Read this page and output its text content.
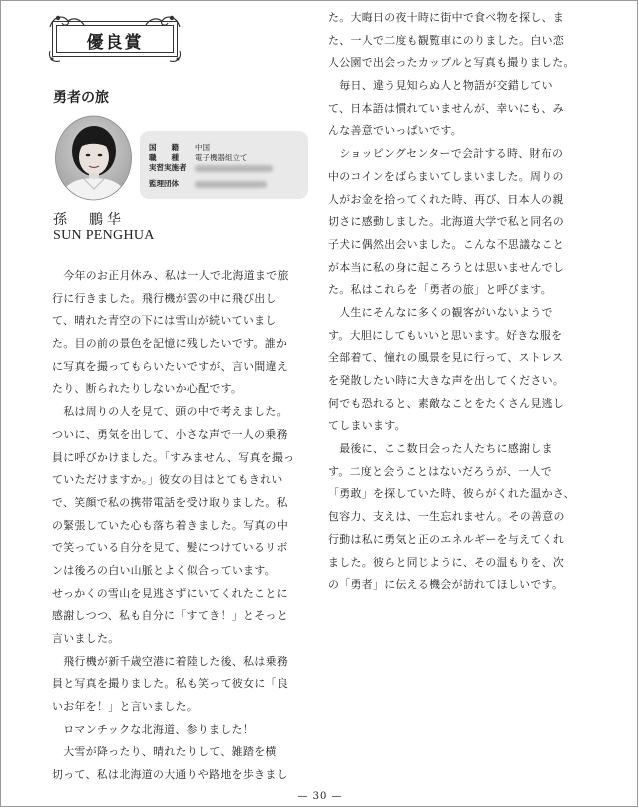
優良賞
勇者の旅
国　　籍 中国
職　　種 電子機器組立て
実習実施者
監理団体
孫　鵬华
SUN PENGHUA
　今年のお正月休み、私は一人で北海道まで旅
行に行きました。飛行機が雲の中に飛び出し
て、晴れた青空の下には雪山が続いていまし
た。目の前の景色を記憶に残したいです。誰か
に写真を撮ってもらいたいですが、言い間違え
たり、断られたりしないか心配です。
　私は周りの人を見て、頭の中で考えました。
ついに、勇気を出して、小さな声で一人の乗務
員に呼びかけました。「すみません、写真を撮っ
ていただけますか。」彼女の目はとてもきれい
で、笑顔で私の携帯電話を受け取りました。私
の緊張していた心も落ち着きました。写真の中
で笑っている自分を見て、髪につけているリボ
ンは後ろの白い山脈とよく似合っています。
せっかくの雪山を見逃さずにいてくれたことに
感謝しつつ、私も自分に「すてき！」とそっと
言いました。
　飛行機が新千歳空港に着陸した後、私は乗務
員と写真を撮りました。私も笑って彼女に「良
いお年を！」と言いました。
　ロマンチックな北海道、参りました！
　大雪が降ったり、晴れたりして、雑踏を横
切って、私は北海道の大通りや路地を歩きまし
た。大晦日の夜十時に街中で食べ物を探し、ま
た、一人で二度も観覧車にのりました。白い恋
人公園で出会ったカップルと写真も撮りました。
　毎日、違う見知らぬ人と物語が交錯してい
て、日本語は慣れていませんが、幸いにも、み
んな善意でいっぱいです。
　ショッピングセンターで会計する時、財布の
中のコインをばらまいてしまいました。周りの
人がお金を拾ってくれた時、再び、日本人の親
切さに感動しました。北海道大学で私と同名の
子犬に偶然出会いました。こんな不思議なこと
が本当に私の身に起ころうとは思いませんでし
た。私はこれらを「勇者の旅」と呼びます。
　人生にそんなに多くの観客がいないようで
す。大胆にしてもいいと思います。好きな服を
全部着て、憧れの風景を見に行って、ストレス
を発散したい時に大きな声を出してください。
何でも恐れると、素敵なことをたくさん見逃し
てしまいます。
　最後に、ここ数日会った人たちに感謝しま
す。二度と会うことはないだろうが、一人で
「勇敢」を探していた時、彼らがくれた温かさ、
包容力、支えは、一生忘れません。その善意の
行動は私に勇気と正のエネルギーを与えてくれ
ました。彼らと同じように、その温もりを、次
の「勇者」に伝える機会が訪れてほしいです。
— 30 —
